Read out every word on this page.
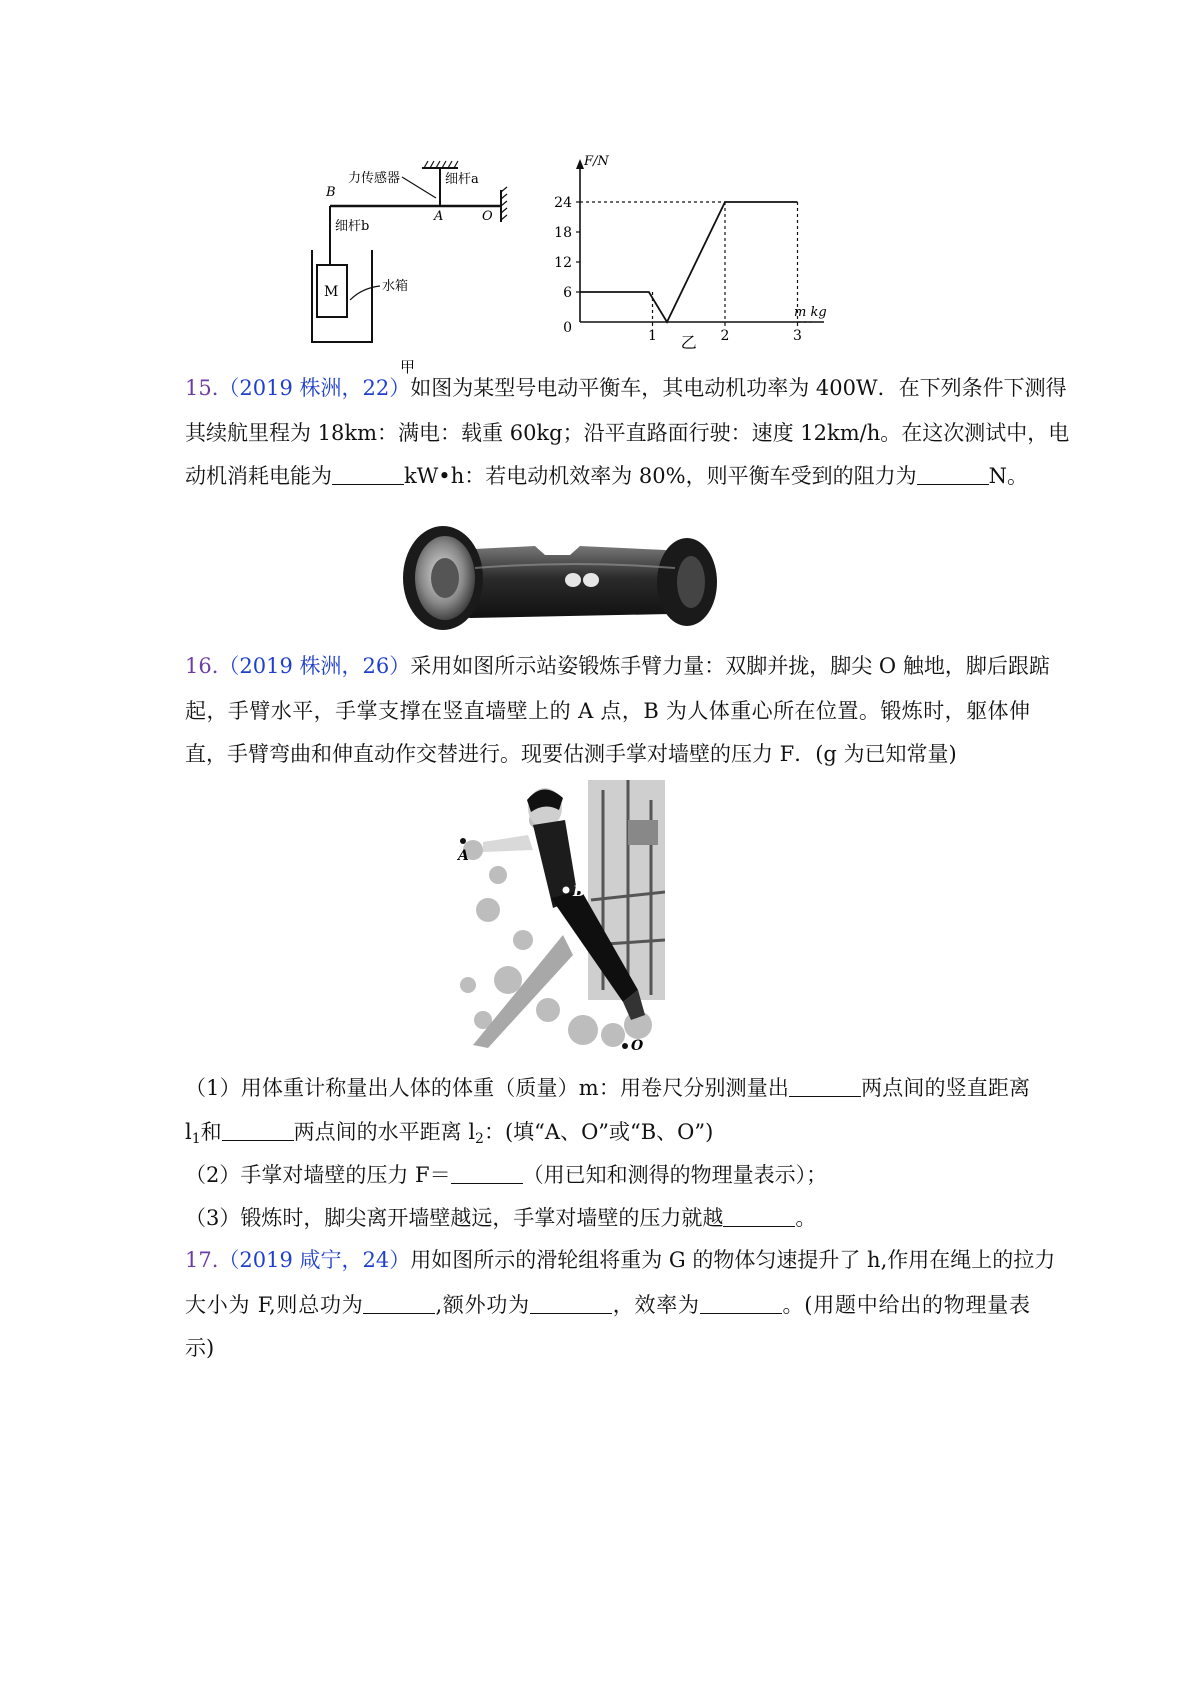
B
A	O
力传感器	细杆a
细杆b
M	水箱
甲
6
12
18
24
0	1	2	3
F/N
m kg
乙
15.（2019 株洲，22）如图为某型号电动平衡车，其电动机功率为 400W．在下列条件下测得
其续航里程为 18km：满电：载重 60kg；沿平直路面行驶：速度 12km/h。在这次测试中，电
动机消耗电能为	kW•h：若电动机效率为 80%，则平衡车受到的阻力为	N。
16.（2019 株洲，26）采用如图所示站姿锻炼手臂力量：双脚并拢，脚尖 O 触地，脚后跟踮
起，手臂水平，手掌支撑在竖直墙壁上的 A 点，B 为人体重心所在位置。锻炼时，躯体伸
直，手臂弯曲和伸直动作交替进行。现要估测手掌对墙壁的压力 F．(g 为已知常量)
A
B
O
（1）用体重计称量出人体的体重（质量）m：用卷尺分别测量出	两点间的竖直距离
$l_1$和	两点间的水平距离 $l_2$：(填“A、O”或“B、O”)
（2）手掌对墙壁的压力 F＝	（用已知和测得的物理量表示）；
（3）锻炼时，脚尖离开墙壁越远，手掌对墙壁的压力就越	。
17.（2019 咸宁，24）用如图所示的滑轮组将重为 G 的物体匀速提升了 h,作用在绳上的拉力
大小为 F,则总功为	,额外功为	，效率为	。(用题中给出的物理量表
示)
